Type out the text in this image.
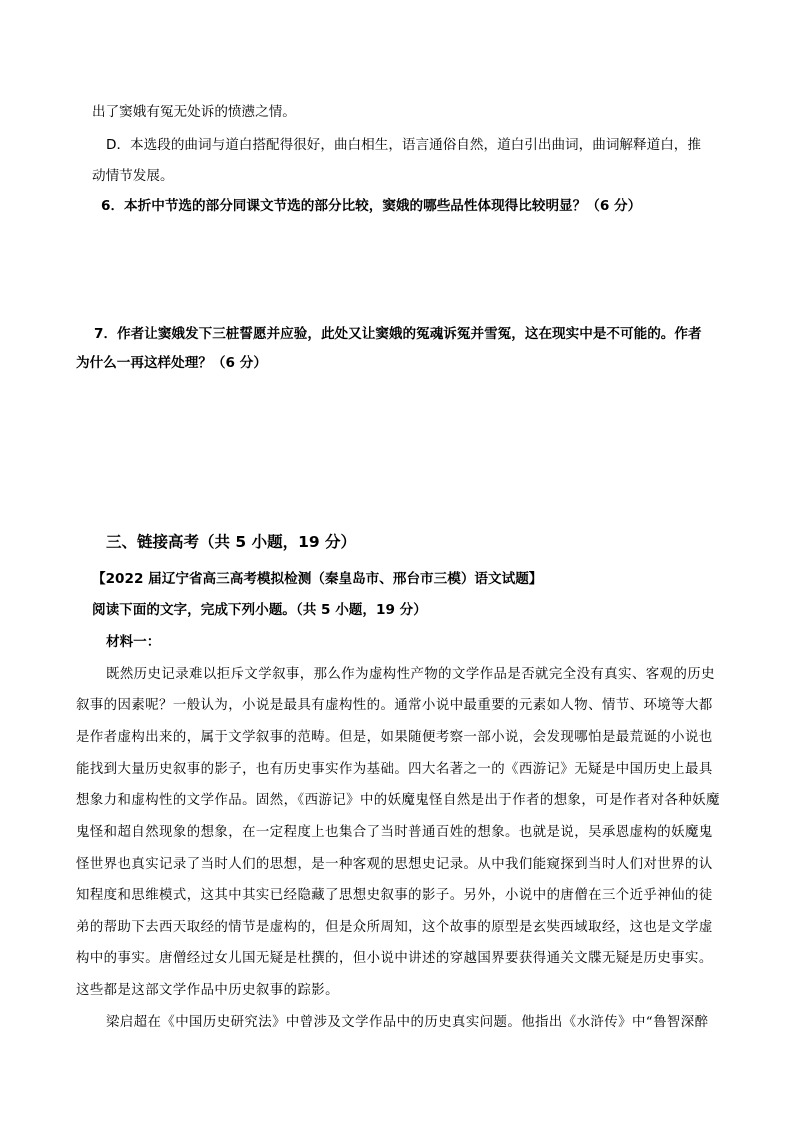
出了窦娥有冤无处诉的愤懑之情。
D．本选段的曲词与道白搭配得很好，曲白相生，语言通俗自然，道白引出曲词，曲词解释道白，推
动情节发展。
6．本折中节选的部分同课文节选的部分比较，窦娥的哪些品性体现得比较明显？（6 分）
7．作者让窦娥发下三桩誓愿并应验，此处又让窦娥的冤魂诉冤并雪冤，这在现实中是不可能的。作者
为什么一再这样处理？（6 分）
三、链接高考（共 5 小题，19 分）
【2022 届辽宁省高三高考模拟检测（秦皇岛市、邢台市三模）语文试题】
阅读下面的文字，完成下列小题。（共 5 小题，19 分）
材料一：
既然历史记录难以拒斥文学叙事，那么作为虚构性产物的文学作品是否就完全没有真实、客观的历史
叙事的因素呢？一般认为，小说是最具有虚构性的。通常小说中最重要的元素如人物、情节、环境等大都
是作者虚构出来的，属于文学叙事的范畴。但是，如果随便考察一部小说，会发现哪怕是最荒诞的小说也
能找到大量历史叙事的影子，也有历史事实作为基础。四大名著之一的《西游记》无疑是中国历史上最具
想象力和虚构性的文学作品。固然，《西游记》中的妖魔鬼怪自然是出于作者的想象，可是作者对各种妖魔
鬼怪和超自然现象的想象，在一定程度上也集合了当时普通百姓的想象。也就是说，吴承恩虚构的妖魔鬼
怪世界也真实记录了当时人们的思想，是一种客观的思想史记录。从中我们能窥探到当时人们对世界的认
知程度和思维模式，这其中其实已经隐藏了思想史叙事的影子。另外，小说中的唐僧在三个近乎神仙的徒
弟的帮助下去西天取经的情节是虚构的，但是众所周知，这个故事的原型是玄奘西域取经，这也是文学虚
构中的事实。唐僧经过女儿国无疑是杜撰的，但小说中讲述的穿越国界要获得通关文牒无疑是历史事实。
这些都是这部文学作品中历史叙事的踪影。
梁启超在《中国历史研究法》中曾涉及文学作品中的历史真实问题。他指出《水浒传》中“鲁智深醉
